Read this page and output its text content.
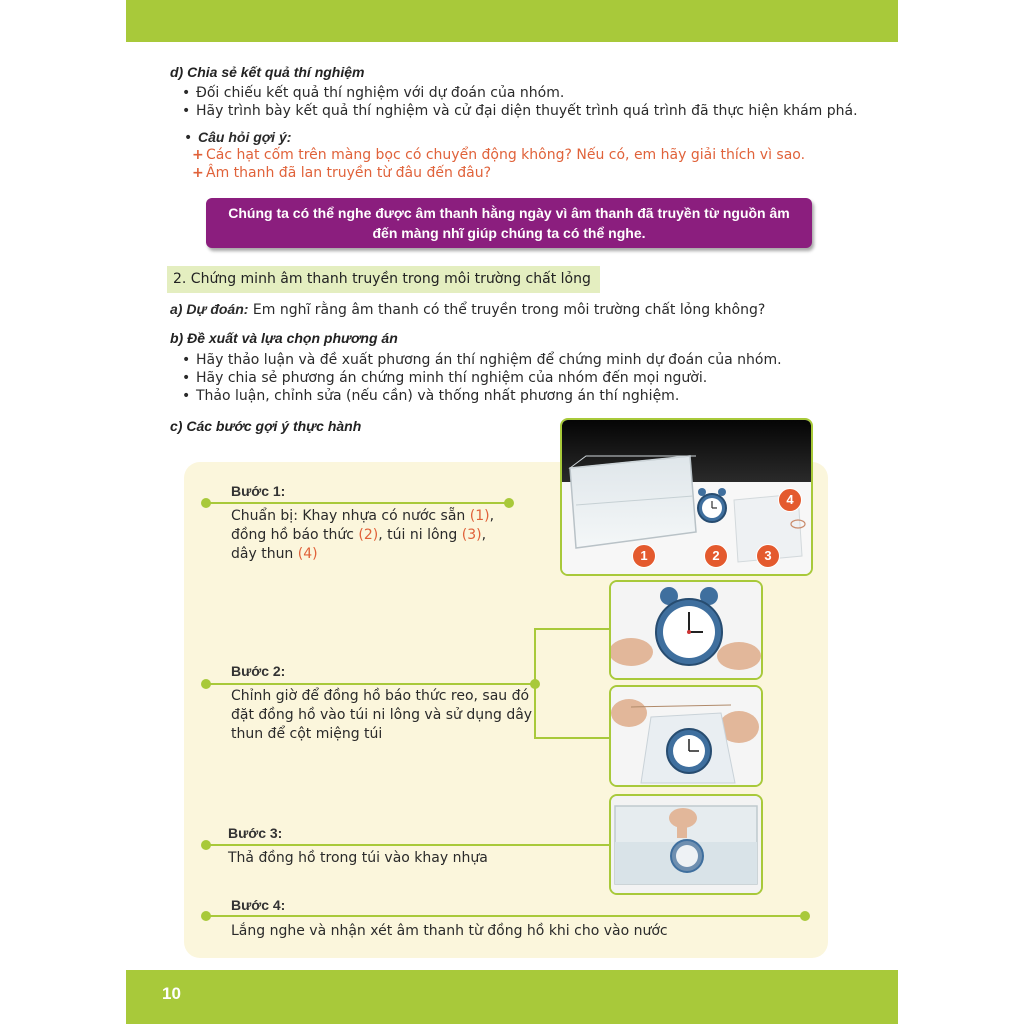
d) Chia sẻ kết quả thí nghiệm
• Đối chiếu kết quả thí nghiệm với dự đoán của nhóm.
• Hãy trình bày kết quả thí nghiệm và cử đại diện thuyết trình quá trình đã thực hiện khám phá.
• Câu hỏi gợi ý:
+ Các hạt cốm trên màng bọc có chuyển động không? Nếu có, em hãy giải thích vì sao.
+ Âm thanh đã lan truyền từ đâu đến đâu?
Chúng ta có thể nghe được âm thanh hằng ngày vì âm thanh đã truyền từ nguồn âm
đến màng nhĩ giúp chúng ta có thể nghe.
2. Chứng minh âm thanh truyền trong môi trường chất lỏng
a) Dự đoán: Em nghĩ rằng âm thanh có thể truyền trong môi trường chất lỏng không?
b) Đề xuất và lựa chọn phương án
• Hãy thảo luận và đề xuất phương án thí nghiệm để chứng minh dự đoán của nhóm.
• Hãy chia sẻ phương án chứng minh thí nghiệm của nhóm đến mọi người.
• Thảo luận, chỉnh sửa (nếu cần) và thống nhất phương án thí nghiệm.
c) Các bước gợi ý thực hành
Bước 1:
Chuẩn bị: Khay nhựa có nước sẵn (1),
đồng hồ báo thức (2), túi ni lông (3),
dây thun (4)	1	2	3
4
Bước 2:
Chỉnh giờ để đồng hồ báo thức reo, sau đó
đặt đồng hồ vào túi ni lông và sử dụng dây
thun để cột miệng túi
Bước 3:
Thả đồng hồ trong túi vào khay nhựa
Bước 4:
Lắng nghe và nhận xét âm thanh từ đồng hồ khi cho vào nước
10
